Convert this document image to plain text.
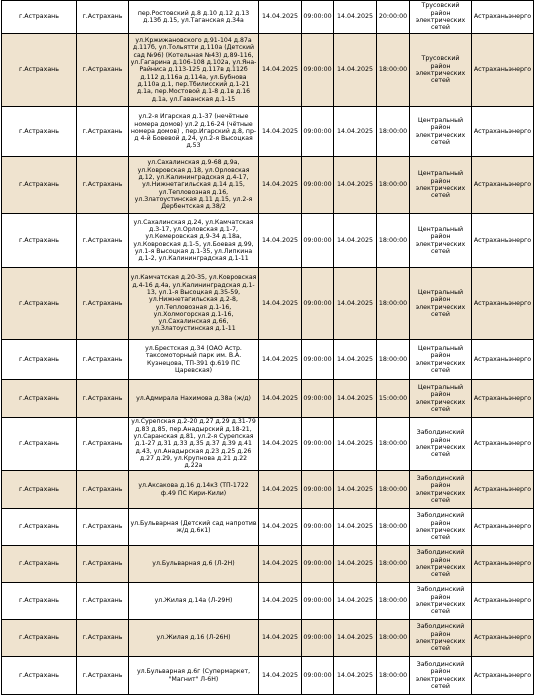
г.Астрахань	г.Астрахань	пер.Ростовский д.8 д.10 д.12 д.13 д.13б д.15, ул.Таганская д.34а	14.04.2025	09:00:00	14.04.2025	20:00:00	Трусовский район электрических сетей	Астраханьэнерго
г.Астрахань	г.Астрахань	ул.Кржижановского д.91-104 д.87а д.117б, ул.Тольятти д.110а (Детский сад №96) (Котельная №43) д.89-116, ул.Гагарина д.106-108 д.102а, ул.Яна-Райниса д.113-125 д.117в д.112б д.112 д.116а д.114а, ул.Бубнова д.110а д.1, пер.Тбилисский д.1-21 д.1а, пер.Мостовой д.1-8 д.1в д.16 д.1а, ул.Гаванская д.1-15	14.04.2025	09:00:00	14.04.2025	18:00:00	Трусовский район электрических сетей	Астраханьэнерго
г.Астрахань	г.Астрахань	ул.2-я Игарская д.1-37 (нечётные номера домов) ул.2 д.16-24 (чётные номера домов) , пер.Игарский д.8, пр-д 4-й Бовевой д.24, ул.2-я Высоцкая д.53	14.04.2025	09:00:00	14.04.2025	18:00:00	Центральный район электрических сетей	Астраханьэнерго
г.Астрахань	г.Астрахань	ул.Сахалинская д.9-68 д.9а, ул.Ковровская д.18, ул.Орловская д.12, ул.Калининградская д.4-17, ул.Нижнетагильская д.14 д.15, ул.Тепловозная д.16, ул.Златоустинская д.11 д.15, ул.2-я Дербентская д.38/2	14.04.2025	09:00:00	14.04.2025	18:00:00	Центральный район электрических сетей	Астраханьэнерго
г.Астрахань	г.Астрахань	ул.Сахалинская д.24, ул.Камчатская д.3-17, ул.Орловская д.1-7, ул.Кемеровская д.9-34 д.18а, ул.Ковровская д.1-5, ул.Боевая д.99, ул.1-я Высоцкая д.1-35, ул.Липкина д.1-2, ул.Калининградская д.1-11	14.04.2025	09:00:00	14.04.2025	18:00:00	Центральный район электрических сетей	Астраханьэнерго
г.Астрахань	г.Астрахань	ул.Камчатская д.20-35, ул.Ковровская д.4-16 д.4а, ул.Калининградская д.1-13, ул.1-я Высоцкая д.35-59, ул.Нижнетагильская д.2-8, ул.Тепловозная д.1-16, ул.Холмогорская д.1-16, ул.Сахалинская д.66, ул.Златоустинская д.1-11	14.04.2025	09:00:00	14.04.2025	18:00:00	Центральный район электрических сетей	Астраханьэнерго
г.Астрахань	г.Астрахань	ул.Брестская д.34 (ОАО Астр. таксомоторный парк им. В.А. Кузнецова, ТП-391 ф.619 ПС Царевская)	14.04.2025	09:00:00	14.04.2025	18:00:00	Центральный район электрических сетей	Астраханьэнерго
г.Астрахань	г.Астрахань	ул.Адмирала Нахимова д.38а (ж/д)	14.04.2025	09:00:00	14.04.2025	15:00:00	Центральный район электрических сетей	Астраханьэнерго
г.Астрахань	г.Астрахань	ул.Сурепская д.2-20 д.27 д.29 д.31-79 д.83 д.85, пер.Анадырский д.18-21, ул.Саранская д.81, ул.2-я Сурепская д.1-27 д.31 д.33 д.35 д.37 д.39 д.41 д.43, ул.Анадырская д.23 д.25 д.26 д.27 д.29, ул.Крупнова д.21 д.22 д.22а	14.04.2025	09:00:00	14.04.2025	18:00:00	Заболдинский район электрических сетей	Астраханьэнерго
г.Астрахань	г.Астрахань	ул.Аксакова д.16 д.14к3 (ТП-1722 ф.49 ПС Кири-Кили)	14.04.2025	09:00:00	14.04.2025	18:00:00	Заболдинский район электрических сетей	Астраханьэнерго
г.Астрахань	г.Астрахань	ул.Бульварная (Детский сад напротив ж/д д.6к1)	14.04.2025	09:00:00	14.04.2025	18:00:00	Заболдинский район электрических сетей	Астраханьэнерго
г.Астрахань	г.Астрахань	ул.Бульварная д.6 (Л-2Н)	14.04.2025	09:00:00	14.04.2025	18:00:00	Заболдинский район электрических сетей	Астраханьэнерго
г.Астрахань	г.Астрахань	ул.Жилая д.14а (Л-29Н)	14.04.2025	09:00:00	14.04.2025	18:00:00	Заболдинский район электрических сетей	Астраханьэнерго
г.Астрахань	г.Астрахань	ул.Жилая д.16 (Л-26Н)	14.04.2025	09:00:00	14.04.2025	18:00:00	Заболдинский район электрических сетей	Астраханьэнерго
г.Астрахань	г.Астрахань	ул.Бульварная д.6г (Супермаркет, "Магнит" Л-6Н)	14.04.2025	09:00:00	14.04.2025	18:00:00	Заболдинский район электрических сетей	Астраханьэнерго
